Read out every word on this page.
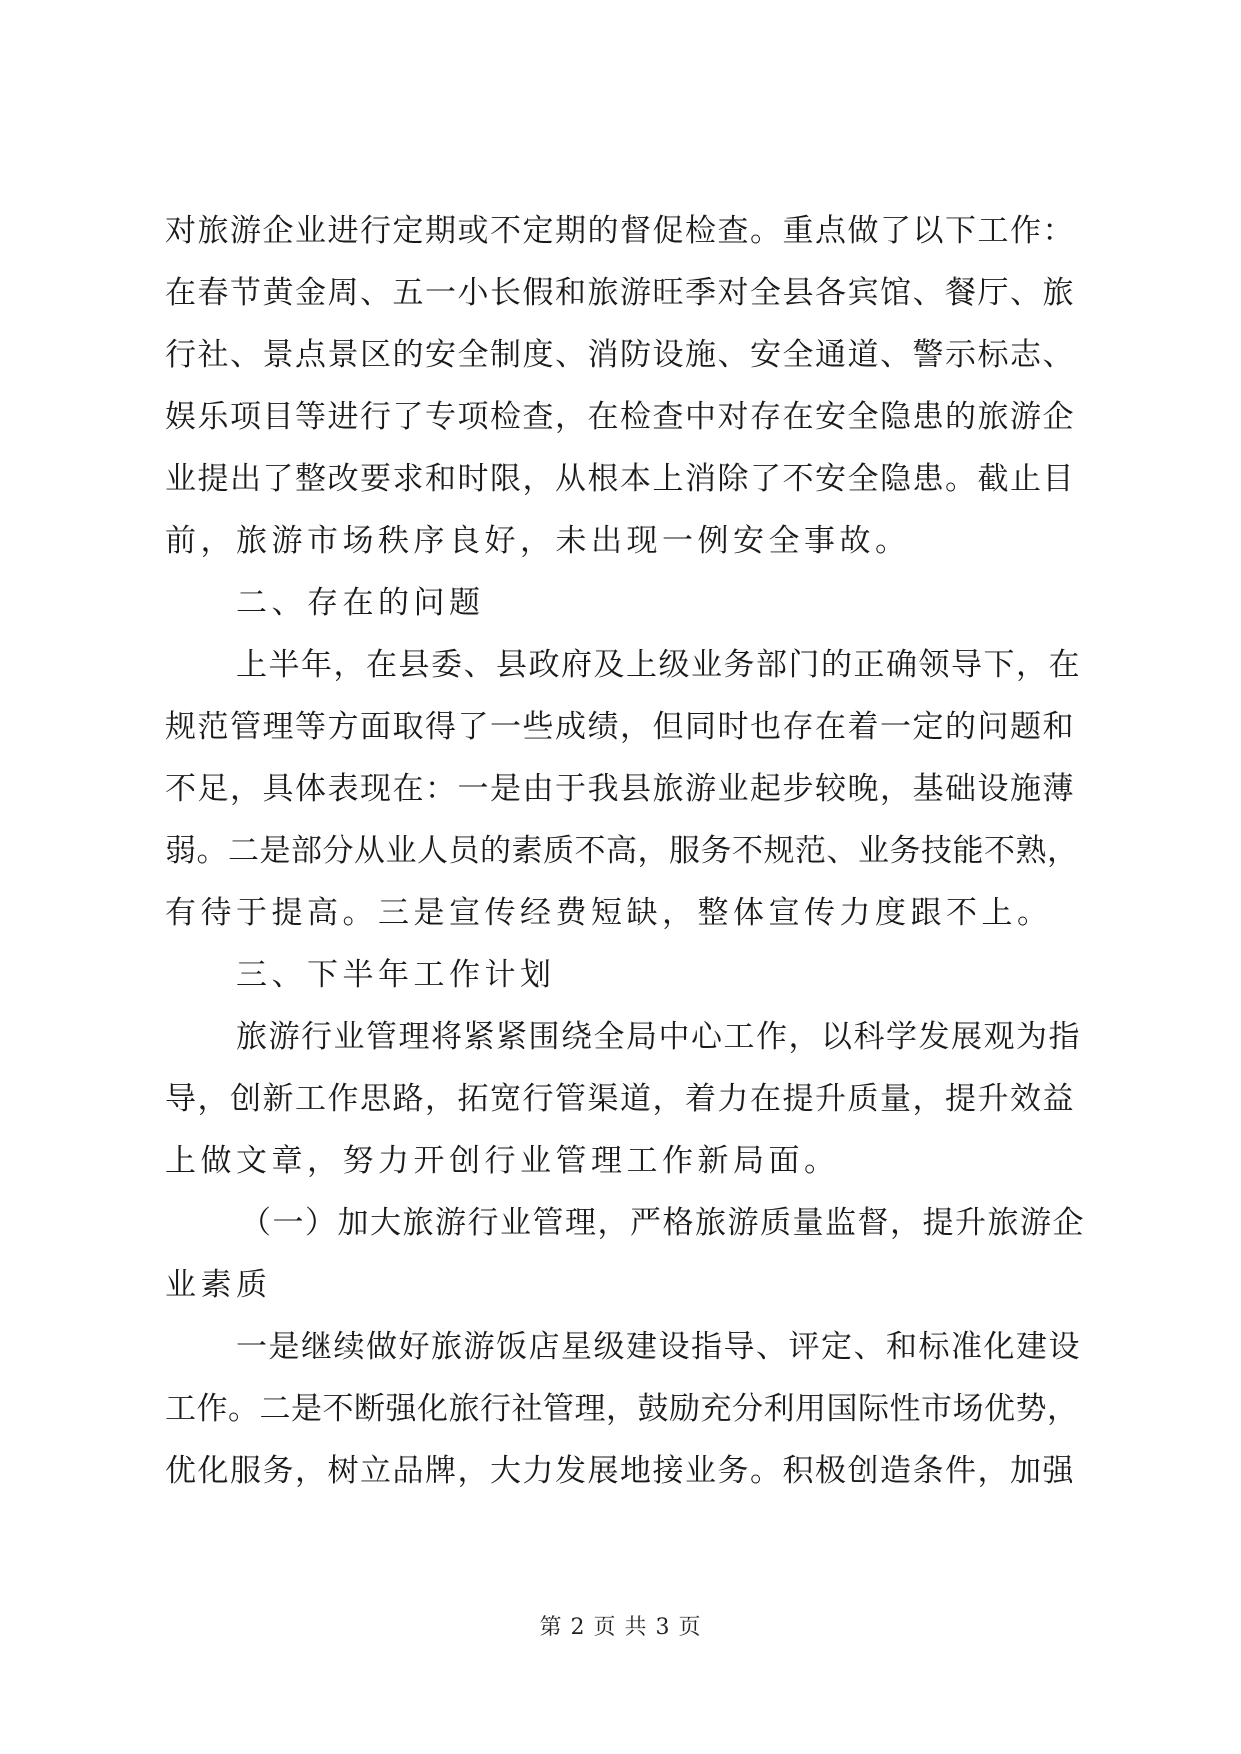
对旅游企业进行定期或不定期的督促检查。重点做了以下工作：
在春节黄金周、五一小长假和旅游旺季对全县各宾馆、餐厅、旅
行社、景点景区的安全制度、消防设施、安全通道、警示标志、
娱乐项目等进行了专项检查，在检查中对存在安全隐患的旅游企
业提出了整改要求和时限，从根本上消除了不安全隐患。截止目
前，旅游市场秩序良好，未出现一例安全事故。
二、存在的问题
上半年，在县委、县政府及上级业务部门的正确领导下，在
规范管理等方面取得了一些成绩，但同时也存在着一定的问题和
不足，具体表现在：一是由于我县旅游业起步较晚，基础设施薄
弱。二是部分从业人员的素质不高，服务不规范、业务技能不熟，
有待于提高。三是宣传经费短缺，整体宣传力度跟不上。
三、下半年工作计划
旅游行业管理将紧紧围绕全局中心工作，以科学发展观为指
导，创新工作思路，拓宽行管渠道，着力在提升质量，提升效益
上做文章，努力开创行业管理工作新局面。
（一）加大旅游行业管理，严格旅游质量监督，提升旅游企
业素质
一是继续做好旅游饭店星级建设指导、评定、和标准化建设
工作。二是不断强化旅行社管理，鼓励充分利用国际性市场优势，
优化服务，树立品牌，大力发展地接业务。积极创造条件，加强
第 2 页 共 3 页
